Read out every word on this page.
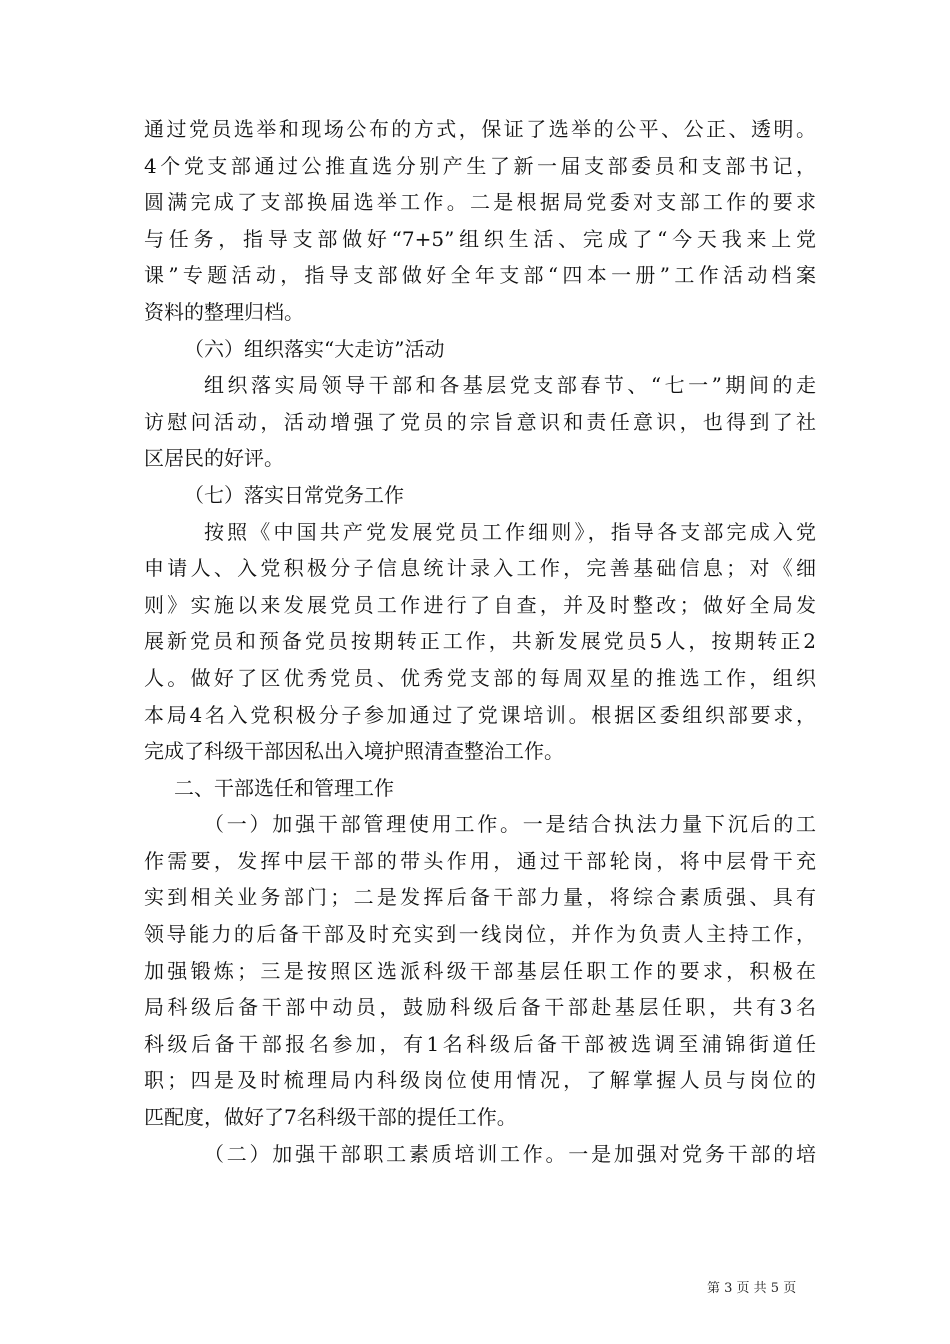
通过党员选举和现场公布的方式，保证了选举的公平、公正、透明。
4个党支部通过公推直选分别产生了新一届支部委员和支部书记，
圆满完成了支部换届选举工作。二是根据局党委对支部工作的要求
与任务，指导支部做好“7+5”组织生活、完成了“今天我来上党
课”专题活动，指导支部做好全年支部“四本一册”工作活动档案
资料的整理归档。
（六）组织落实“大走访”活动
组织落实局领导干部和各基层党支部春节、“七一”期间的走
访慰问活动，活动增强了党员的宗旨意识和责任意识，也得到了社
区居民的好评。
（七）落实日常党务工作
按照《中国共产党发展党员工作细则》，指导各支部完成入党
申请人、入党积极分子信息统计录入工作，完善基础信息；对《细
则》实施以来发展党员工作进行了自查，并及时整改；做好全局发
展新党员和预备党员按期转正工作，共新发展党员5人，按期转正2
人。做好了区优秀党员、优秀党支部的每周双星的推选工作，组织
本局4名入党积极分子参加通过了党课培训。根据区委组织部要求，
完成了科级干部因私出入境护照清查整治工作。
二、干部选任和管理工作
（一）加强干部管理使用工作。一是结合执法力量下沉后的工
作需要，发挥中层干部的带头作用，通过干部轮岗，将中层骨干充
实到相关业务部门；二是发挥后备干部力量，将综合素质强、具有
领导能力的后备干部及时充实到一线岗位，并作为负责人主持工作，
加强锻炼；三是按照区选派科级干部基层任职工作的要求，积极在
局科级后备干部中动员，鼓励科级后备干部赴基层任职，共有3名
科级后备干部报名参加，有1名科级后备干部被选调至浦锦街道任
职；四是及时梳理局内科级岗位使用情况，了解掌握人员与岗位的
匹配度，做好了7名科级干部的提任工作。
（二）加强干部职工素质培训工作。一是加强对党务干部的培
第 3 页 共 5 页
